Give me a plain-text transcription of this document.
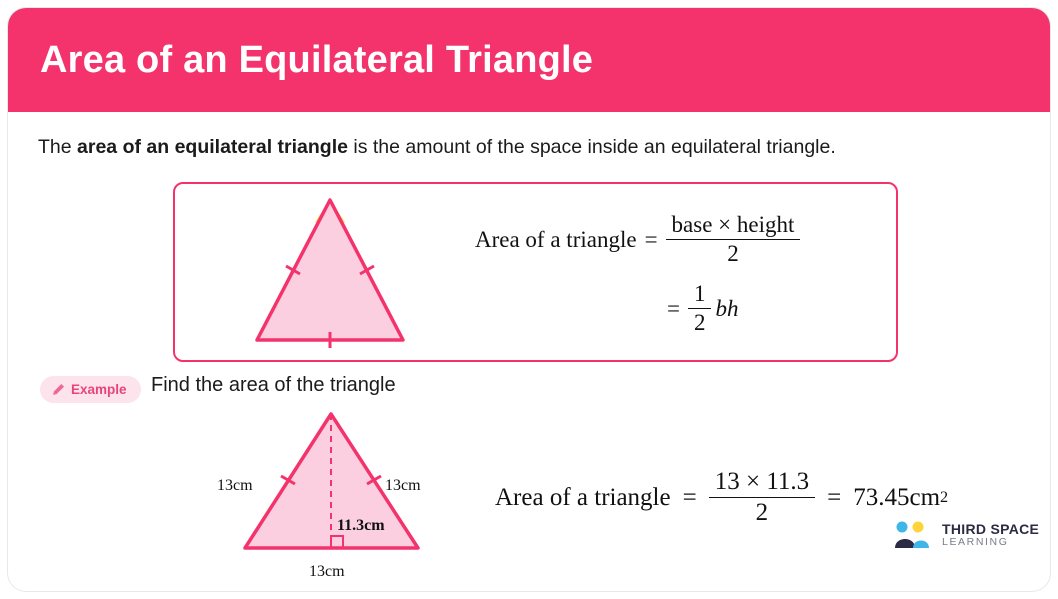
Area of an Equilateral Triangle
The area of an equilateral triangle is the amount of the space inside an equilateral triangle.
Area of a triangle = $\frac{\text{base × height}}{2}$
= $\frac{1}{2}$ bh
Example Find the area of the triangle
13cm	13cm
11.3cm
13cm
Area of a triangle = $\frac{13 \times 11.3}{2} = 73.45cm$ 2
THIRD SPACE
LEARNING
